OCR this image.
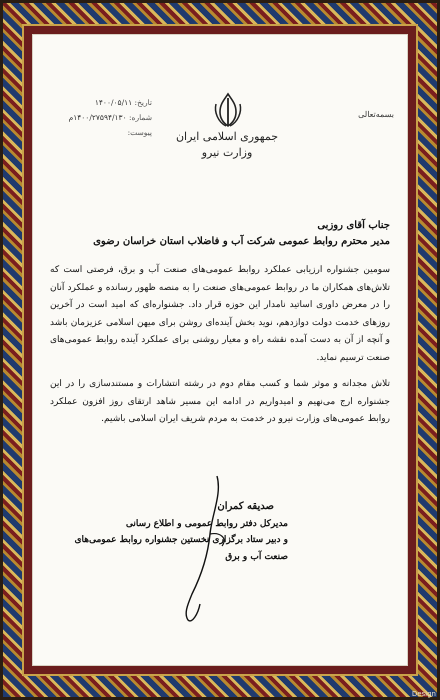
جمهوری اسلامی ایران
وزارت نیرو
بسمه‌تعالی
تاریخ: ۱۴۰۰/۰۵/۱۱
شماره: ۱۴۰۰/۲۷۵۹۴/۱۳۰م
پیوست:
جناب آقای روزبی
مدیر محترم روابط عمومی شرکت آب و فاضلاب استان خراسان رضوی
سومین جشنواره ارزیابی عملکرد روابط عمومی‌های صنعت آب و برق، فرصتی است که تلاش‌های همکاران ما در روابط عمومی‌های صنعت را به منصه ظهور رسانده و عملکرد آنان را در معرض داوری اساتید نامدار این حوزه قرار داد. جشنواره‌ای که امید است در آخرین روزهای خدمت دولت دوازدهم، نوید بخش آینده‌ای روشن برای میهن اسلامی عزیزمان باشد و آنچه از آن به دست آمده نقشه راه و معیار روشنی برای عملکرد آینده روابط عمومی‌های صنعت ترسیم نماید.
تلاش مجدانه و موثر شما و کسب مقام دوم در رشته انتشارات و مستندسازی را در این جشنواره ارج می‌نهیم و امیدواریم در ادامه این مسیر شاهد ارتقای روز افزون عملکرد روابط عمومی‌های وزارت نیرو در خدمت به مردم شریف ایران اسلامی باشیم.
صدیقه کمران
مدیرکل دفتر روابط عمومی و اطلاع رسانی
و دبیر ستاد برگزاری نخستین جشنواره روابط عمومی‌های صنعت آب و برق
Design
